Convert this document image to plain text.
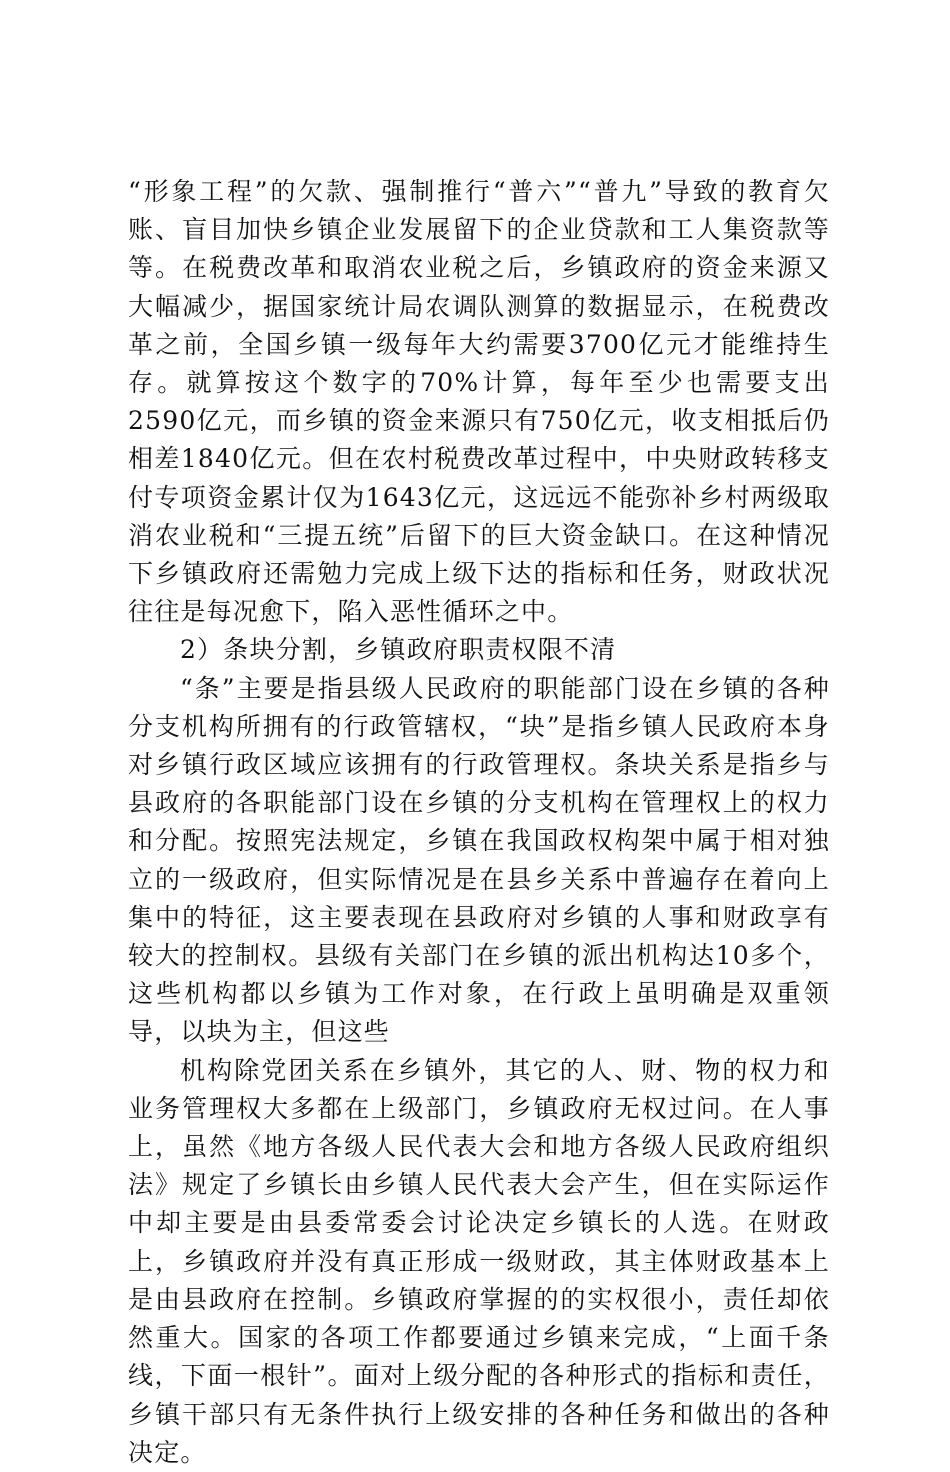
“形象工程”的欠款、强制推行“普六”“普九”导致的教育欠账、盲目加快乡镇企业发展留下的企业贷款和工人集资款等等。在税费改革和取消农业税之后，乡镇政府的资金来源又大幅减少，据国家统计局农调队测算的数据显示，在税费改革之前，全国乡镇一级每年大约需要3700亿元才能维持生存。就算按这个数字的70%计算，每年至少也需要支出2590亿元，而乡镇的资金来源只有750亿元，收支相抵后仍相差1840亿元。但在农村税费改革过程中，中央财政转移支付专项资金累计仅为1643亿元，这远远不能弥补乡村两级取消农业税和“三提五统”后留下的巨大资金缺口。在这种情况下乡镇政府还需勉力完成上级下达的指标和任务，财政状况往往是每况愈下，陷入恶性循环之中。

2）条块分割，乡镇政府职责权限不清

“条”主要是指县级人民政府的职能部门设在乡镇的各种分支机构所拥有的行政管辖权，“块”是指乡镇人民政府本身对乡镇行政区域应该拥有的行政管理权。条块关系是指乡与县政府的各职能部门设在乡镇的分支机构在管理权上的权力和分配。按照宪法规定，乡镇在我国政权构架中属于相对独立的一级政府，但实际情况是在县乡关系中普遍存在着向上集中的特征，这主要表现在县政府对乡镇的人事和财政享有较大的控制权。县级有关部门在乡镇的派出机构达10多个，这些机构都以乡镇为工作对象，在行政上虽明确是双重领导，以块为主，但这些

机构除党团关系在乡镇外，其它的人、财、物的权力和业务管理权大多都在上级部门，乡镇政府无权过问。在人事上，虽然《地方各级人民代表大会和地方各级人民政府组织法》规定了乡镇长由乡镇人民代表大会产生，但在实际运作中却主要是由县委常委会讨论决定乡镇长的人选。在财政上，乡镇政府并没有真正形成一级财政，其主体财政基本上是由县政府在控制。乡镇政府掌握的的实权很小，责任却依然重大。国家的各项工作都要通过乡镇来完成，“上面千条线，下面一根针”。面对上级分配的各种形式的指标和责任，乡镇干部只有无条件执行上级安排的各种任务和做出的各种决定。
